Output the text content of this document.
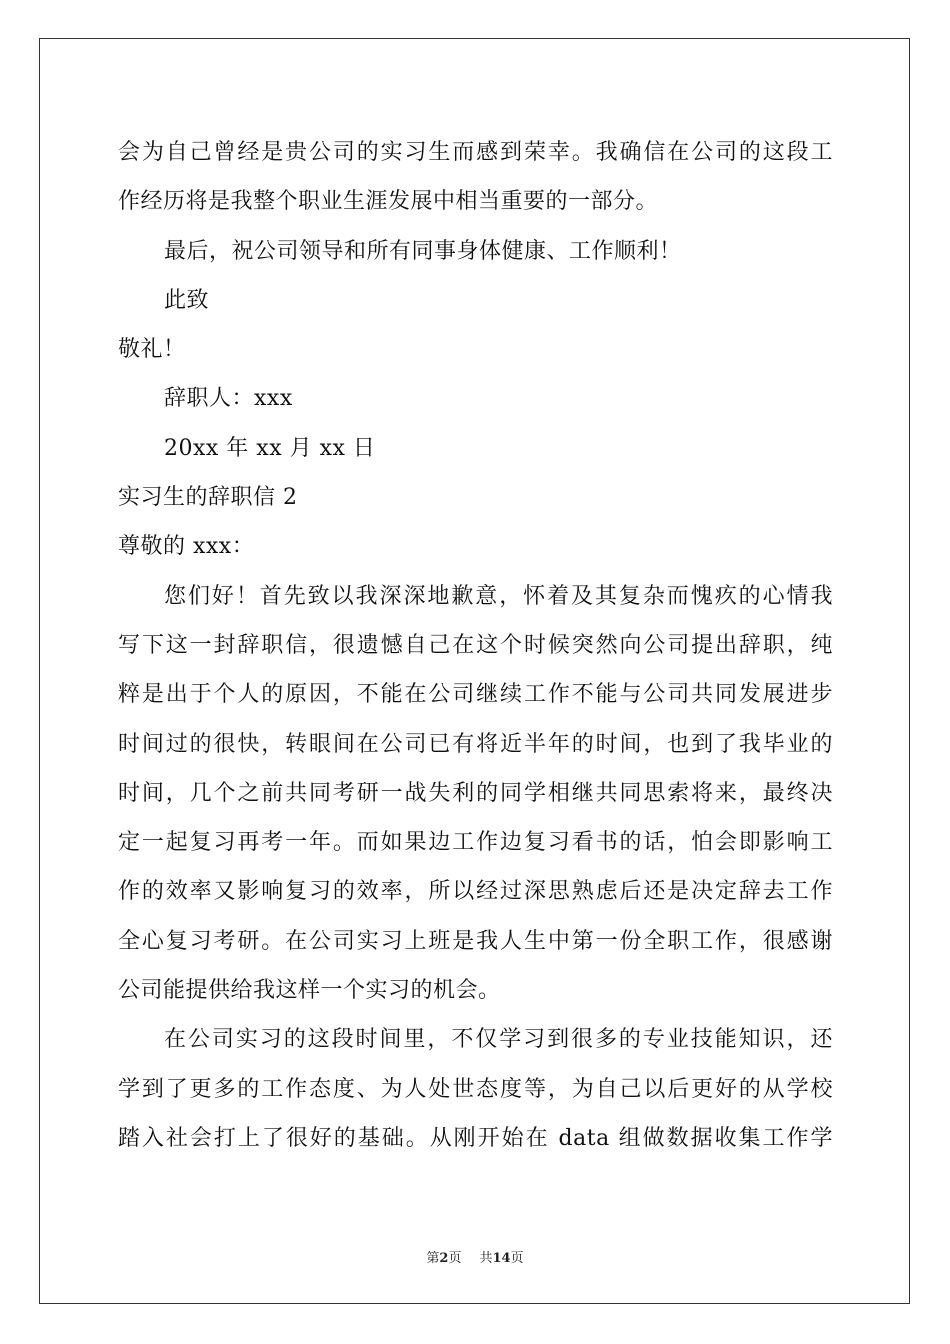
会为自己曾经是贵公司的实习生而感到荣幸。我确信在公司的这段工
作经历将是我整个职业生涯发展中相当重要的一部分。
最后，祝公司领导和所有同事身体健康、工作顺利！
此致
敬礼！
辞职人：xxx
20xx 年 xx 月 xx 日
实习生的辞职信 2
尊敬的 xxx：
您们好！首先致以我深深地歉意，怀着及其复杂而愧疚的心情我
写下这一封辞职信，很遗憾自己在这个时候突然向公司提出辞职，纯
粹是出于个人的原因，不能在公司继续工作不能与公司共同发展进步
时间过的很快，转眼间在公司已有将近半年的时间，也到了我毕业的
时间，几个之前共同考研一战失利的同学相继共同思索将来，最终决
定一起复习再考一年。而如果边工作边复习看书的话，怕会即影响工
作的效率又影响复习的效率，所以经过深思熟虑后还是决定辞去工作
全心复习考研。在公司实习上班是我人生中第一份全职工作，很感谢
公司能提供给我这样一个实习的机会。
在公司实习的这段时间里，不仅学习到很多的专业技能知识，还
学到了更多的工作态度、为人处世态度等，为自己以后更好的从学校
踏入社会打上了很好的基础。从刚开始在 data 组做数据收集工作学
第2页 共14页
